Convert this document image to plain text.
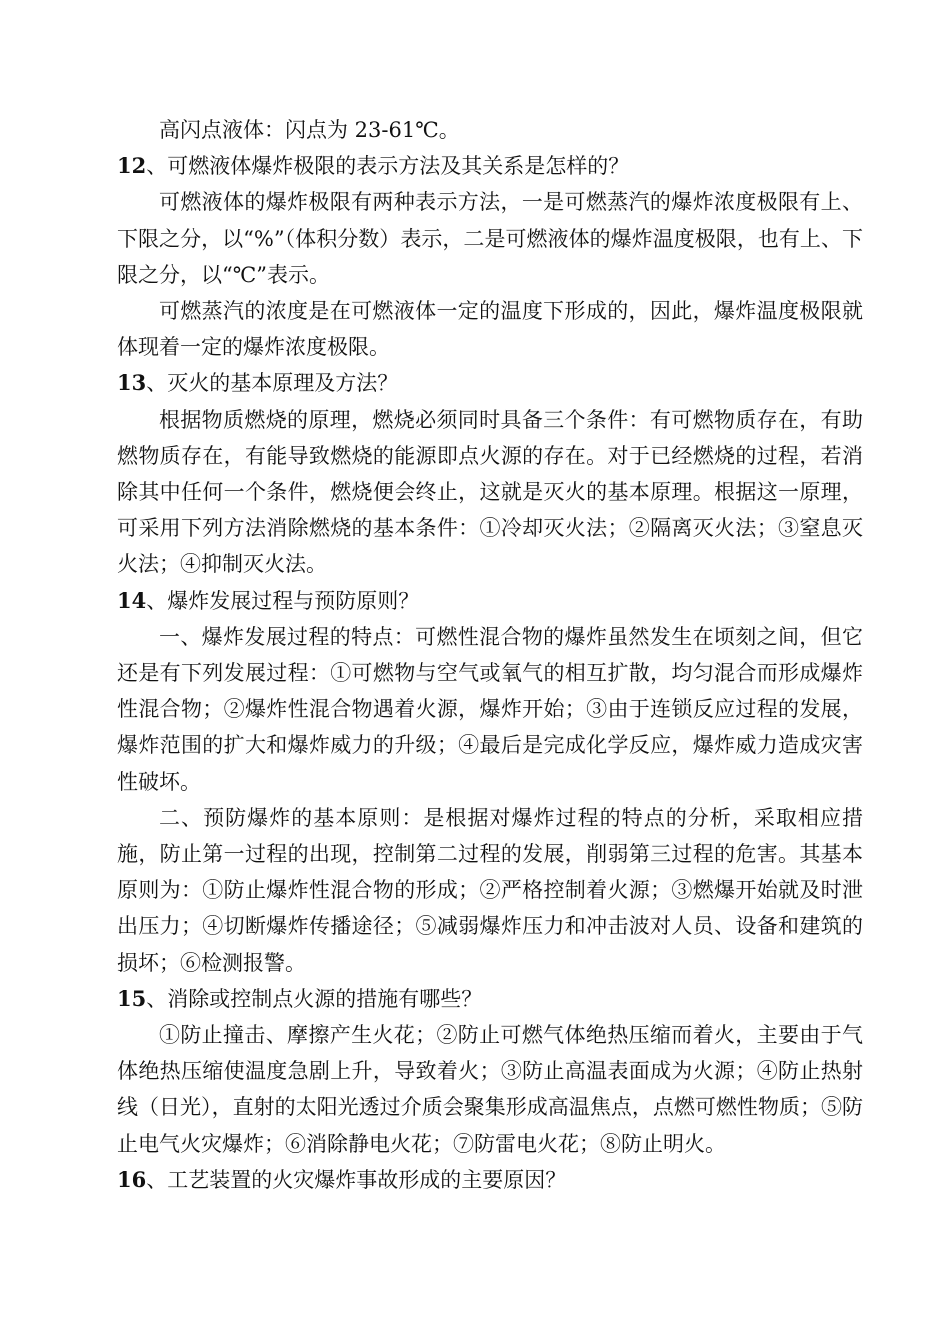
高闪点液体：闪点为 23-61℃。

12、可燃液体爆炸极限的表示方法及其关系是怎样的？

可燃液体的爆炸极限有两种表示方法，一是可燃蒸汽的爆炸浓度极限有上、下限之分，以“%”（体积分数）表示，二是可燃液体的爆炸温度极限，也有上、下限之分，以“℃”表示。

可燃蒸汽的浓度是在可燃液体一定的温度下形成的，因此，爆炸温度极限就体现着一定的爆炸浓度极限。

13、灭火的基本原理及方法？

根据物质燃烧的原理，燃烧必须同时具备三个条件：有可燃物质存在，有助燃物质存在，有能导致燃烧的能源即点火源的存在。对于已经燃烧的过程，若消除其中任何一个条件，燃烧便会终止，这就是灭火的基本原理。根据这一原理，可采用下列方法消除燃烧的基本条件：①冷却灭火法；②隔离灭火法；③窒息灭火法；④抑制灭火法。

14、爆炸发展过程与预防原则？

一、爆炸发展过程的特点：可燃性混合物的爆炸虽然发生在顷刻之间，但它还是有下列发展过程：①可燃物与空气或氧气的相互扩散，均匀混合而形成爆炸性混合物；②爆炸性混合物遇着火源，爆炸开始；③由于连锁反应过程的发展，爆炸范围的扩大和爆炸威力的升级；④最后是完成化学反应，爆炸威力造成灾害性破坏。

二、预防爆炸的基本原则：是根据对爆炸过程的特点的分析，采取相应措施，防止第一过程的出现，控制第二过程的发展，削弱第三过程的危害。其基本原则为：①防止爆炸性混合物的形成；②严格控制着火源；③燃爆开始就及时泄出压力；④切断爆炸传播途径；⑤减弱爆炸压力和冲击波对人员、设备和建筑的损坏；⑥检测报警。

15、消除或控制点火源的措施有哪些？

①防止撞击、摩擦产生火花；②防止可燃气体绝热压缩而着火，主要由于气体绝热压缩使温度急剧上升，导致着火；③防止高温表面成为火源；④防止热射线（日光），直射的太阳光透过介质会聚集形成高温焦点，点燃可燃性物质；⑤防止电气火灾爆炸；⑥消除静电火花；⑦防雷电火花；⑧防止明火。

16、工艺装置的火灾爆炸事故形成的主要原因？
